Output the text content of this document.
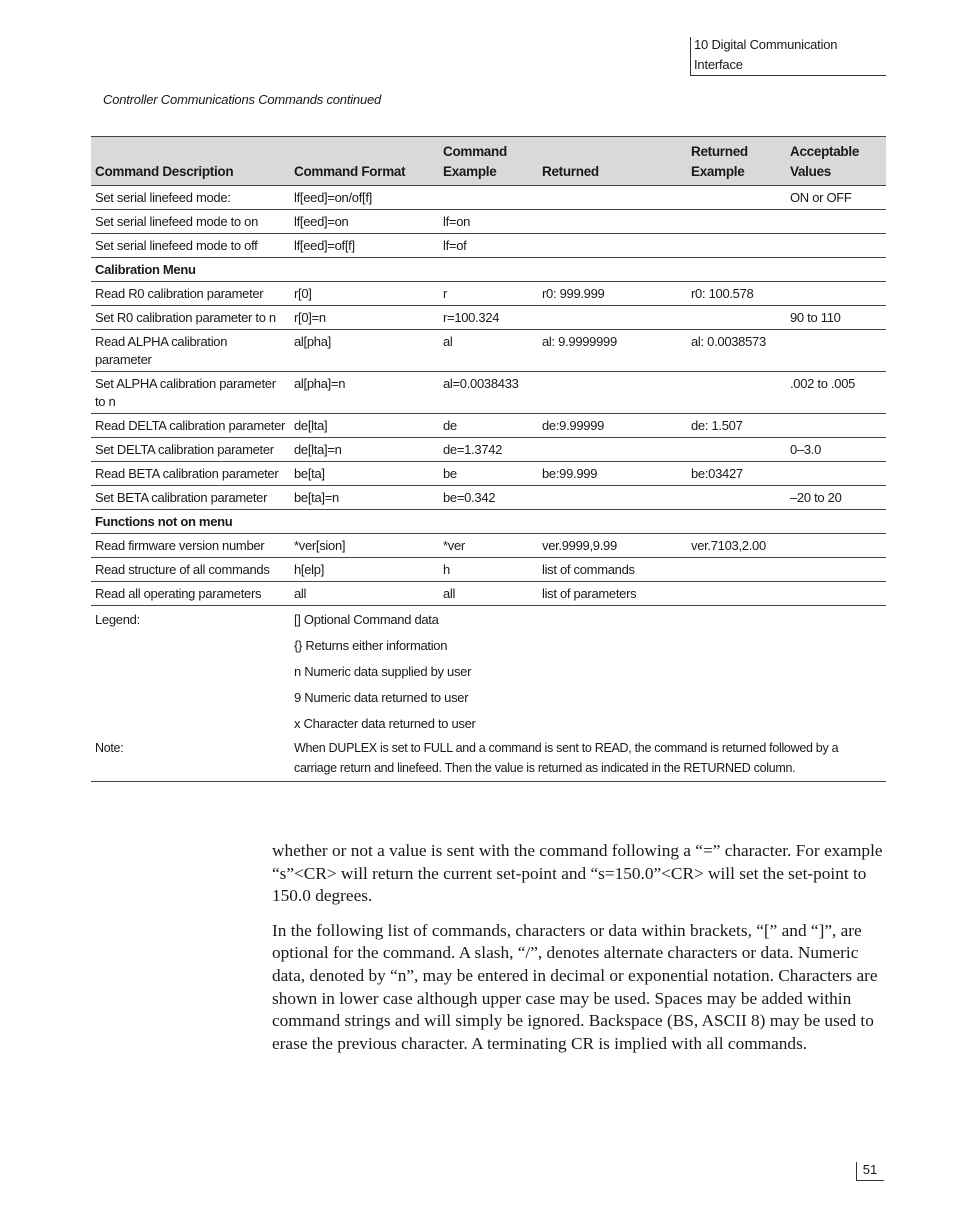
10 Digital Communication Interface
Controller Communications Commands continued
Command Description	Command Format	Command Example	Returned	Returned Example	Acceptable Values
Set serial linefeed mode:	lf[eed]=on/of[f]				ON or OFF
Set serial linefeed mode to on	lf[eed]=on	lf=on			
Set serial linefeed mode to off	lf[eed]=of[f]	lf=of			
Calibration Menu					
Read R0 calibration parameter	r[0]	r	r0: 999.999	r0: 100.578	
Set R0 calibration parameter to n	r[0]=n	r=100.324			90 to 110
Read ALPHA calibration parameter	al[pha]	al	al: 9.9999999	al: 0.0038573	
Set ALPHA calibration parameter to n	al[pha]=n	al=0.0038433			.002 to .005
Read DELTA calibration parameter	de[lta]	de	de:9.99999	de: 1.507	
Set DELTA calibration parameter	de[lta]=n	de=1.3742			0–3.0
Read BETA calibration parameter	be[ta]	be	be:99.999	be:03427	
Set BETA calibration parameter	be[ta]=n	be=0.342			–20 to 20
Functions not on menu					
Read firmware version number	*ver[sion]	*ver	ver.9999,9.99	ver.7103,2.00	
Read structure of all commands	h[elp]	h	list of commands		
Read all operating parameters	all	all	list of parameters		
Legend:	[] Optional Command data
{} Returns either information
n Numeric data supplied by user
9 Numeric data returned to user
x Character data returned to user				

Note:	When DUPLEX is set to FULL and a command is sent to READ, the command is returned followed by a carriage return and linefeed. Then the value is returned as indicated in the RETURNED column.				

whether or not a value is sent with the command following a “=” character. For example “s”<CR> will return the current set-point and “s=150.0”<CR> will set the set-point to 150.0 degrees.

In the following list of commands, characters or data within brackets, “[” and “]”, are optional for the command. A slash, “/”, denotes alternate characters or data. Numeric data, denoted by “n”, may be entered in decimal or exponential notation. Characters are shown in lower case although upper case may be used. Spaces may be added within command strings and will simply be ignored. Backspace (BS, ASCII 8) may be used to erase the previous character. A terminating CR is implied with all commands.

51
